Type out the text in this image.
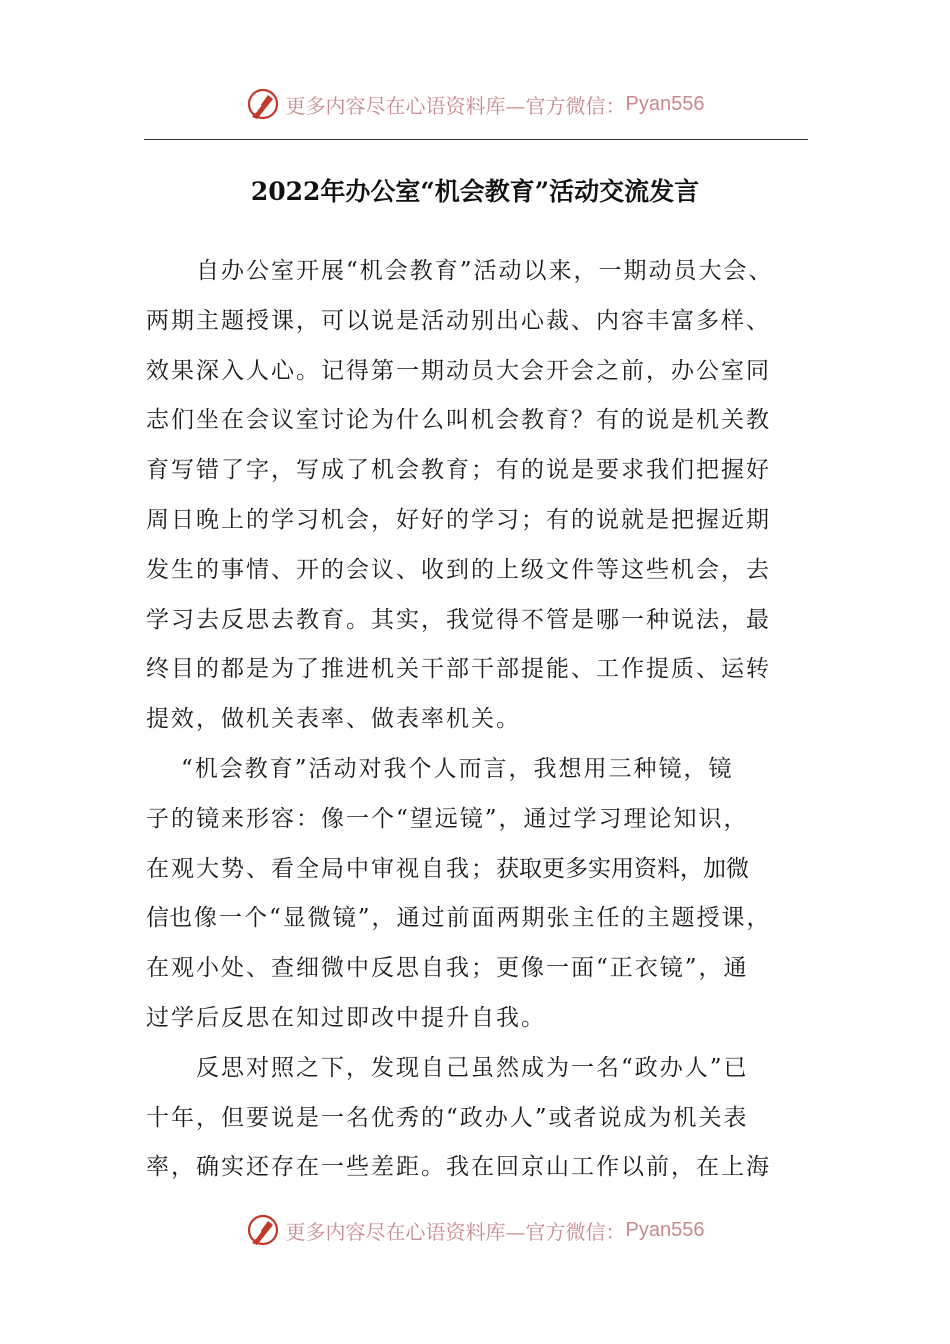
更多内容尽在心语资料库—官方微信： Pyan556
2022年办公室“机会教育”活动交流发言
自办公室开展“机会教育”活动以来，一期动员大会、
两期主题授课，可以说是活动别出心裁、内容丰富多样、
效果深入人心。记得第一期动员大会开会之前，办公室同
志们坐在会议室讨论为什么叫机会教育？有的说是机关教
育写错了字，写成了机会教育；有的说是要求我们把握好
周日晚上的学习机会，好好的学习；有的说就是把握近期
发生的事情、开的会议、收到的上级文件等这些机会，去
学习去反思去教育。其实，我觉得不管是哪一种说法，最
终目的都是为了推进机关干部干部提能、工作提质、运转
提效，做机关表率、做表率机关。
“机会教育”活动对我个人而言，我想用三种镜，镜
子的镜来形容：像一个“望远镜”，通过学习理论知识，
在观大势、看全局中审视自我；获取更多实用资料，加微
信也像一个“显微镜”，通过前面两期张主任的主题授课，
在观小处、查细微中反思自我；更像一面“正衣镜”，通
过学后反思在知过即改中提升自我。
反思对照之下，发现自己虽然成为一名“政办人”已
十年，但要说是一名优秀的“政办人”或者说成为机关表
率，确实还存在一些差距。我在回京山工作以前，在上海
更多内容尽在心语资料库—官方微信： Pyan556
